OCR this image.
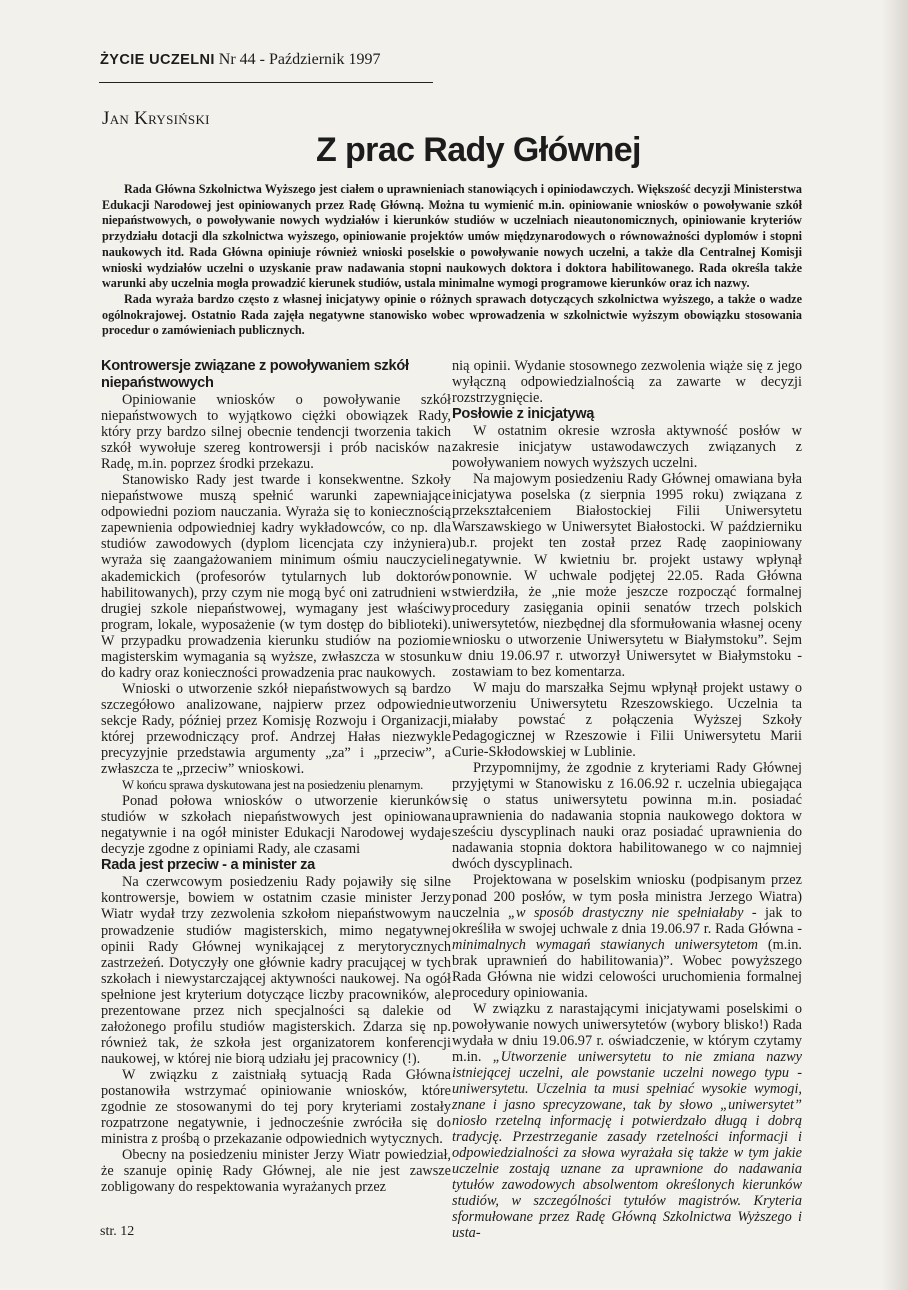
ŻYCIE UCZELNI Nr 44 - Październik 1997
Jan Krysiński
Z prac Rady Głównej

Rada Główna Szkolnictwa Wyższego jest ciałem o uprawnieniach stanowiących i opiniodawczych. Większość decyzji Ministerstwa Edukacji Narodowej jest opiniowanych przez Radę Główną. Można tu wymienić m.in. opiniowanie wniosków o powoływanie szkół niepaństwowych, o powoływanie nowych wydziałów i kierunków studiów w uczelniach nieautonomicznych, opiniowanie kryteriów przydziału dotacji dla szkolnictwa wyższego, opiniowanie projektów umów międzynarodowych o równoważności dyplomów i stopni naukowych itd. Rada Główna opiniuje również wnioski poselskie o powoływanie nowych uczelni, a także dla Centralnej Komisji wnioski wydziałów uczelni o uzyskanie praw nadawania stopni naukowych doktora i doktora habilitowanego. Rada określa także warunki aby uczelnia mogła prowadzić kierunek studiów, ustala minimalne wymogi programowe kierunków oraz ich nazwy.

Rada wyraża bardzo często z własnej inicjatywy opinie o różnych sprawach dotyczących szkolnictwa wyższego, a także o wadze ogólnokrajowej. Ostatnio Rada zajęła negatywne stanowisko wobec wprowadzenia w szkolnictwie wyższym obowiązku stosowania procedur o zamówieniach publicznych.

Kontrowersje związane z powoływaniem szkół niepaństwowych

Opiniowanie wniosków o powoływanie szkół niepaństwowych to wyjątkowo ciężki obowiązek Rady, który przy bardzo silnej obecnie tendencji tworzenia takich szkół wywołuje szereg kontrowersji i prób nacisków na Radę, m.in. poprzez środki przekazu.

Stanowisko Rady jest twarde i konsekwentne. Szkoły niepaństwowe muszą spełnić warunki zapewniające odpowiedni poziom nauczania. Wyraża się to koniecznością zapewnienia odpowiedniej kadry wykładowców, co np. dla studiów zawodowych (dyplom licencjata czy inżyniera) wyraża się zaangażowaniem minimum ośmiu nauczycieli akademickich (profesorów tytularnych lub doktorów habilitowanych), przy czym nie mogą być oni zatrudnieni w drugiej szkole niepaństwowej, wymagany jest właściwy program, lokale, wyposażenie (w tym dostęp do biblioteki). W przypadku prowadzenia kierunku studiów na poziomie magisterskim wymagania są wyższe, zwłaszcza w stosunku do kadry oraz konieczności prowadzenia prac naukowych.

Wnioski o utworzenie szkół niepaństwowych są bardzo szczegółowo analizowane, najpierw przez odpowiednie sekcje Rady, później przez Komisję Rozwoju i Organizacji, której przewodniczący prof. Andrzej Hałas niezwykle precyzyjnie przedstawia argumenty „za” i „przeciw”, a zwłaszcza te „przeciw” wnioskowi.

W końcu sprawa dyskutowana jest na posiedzeniu plenarnym.

Ponad połowa wniosków o utworzenie kierunków studiów w szkołach niepaństwowych jest opiniowana negatywnie i na ogół minister Edukacji Narodowej wydaje decyzje zgodne z opiniami Rady, ale czasami

Rada jest przeciw - a minister za

Na czerwcowym posiedzeniu Rady pojawiły się silne kontrowersje, bowiem w ostatnim czasie minister Jerzy Wiatr wydał trzy zezwolenia szkołom niepaństwowym na prowadzenie studiów magisterskich, mimo negatywnej opinii Rady Głównej wynikającej z merytorycznych zastrzeżeń. Dotyczyły one głównie kadry pracującej w tych szkołach i niewystarczającej aktywności naukowej. Na ogół spełnione jest kryterium dotyczące liczby pracowników, ale prezentowane przez nich specjalności są dalekie od założonego profilu studiów magisterskich. Zdarza się np. również tak, że szkoła jest organizatorem konferencji naukowej, w której nie biorą udziału jej pracownicy (!).

W związku z zaistniałą sytuacją Rada Główna postanowiła wstrzymać opiniowanie wniosków, które zgodnie ze stosowanymi do tej pory kryteriami zostały rozpatrzone negatywnie, i jednocześnie zwróciła się do ministra z prośbą o przekazanie odpowiednich wytycznych.

Obecny na posiedzeniu minister Jerzy Wiatr powiedział, że szanuje opinię Rady Głównej, ale nie jest zawsze zobligowany do respektowania wyrażanych przez

nią opinii. Wydanie stosownego zezwolenia wiąże się z jego wyłączną odpowiedzialnością za zawarte w decyzji rozstrzygnięcie.

Posłowie z inicjatywą

W ostatnim okresie wzrosła aktywność posłów w zakresie inicjatyw ustawodawczych związanych z powoływaniem nowych wyższych uczelni.

Na majowym posiedzeniu Rady Głównej omawiana była inicjatywa poselska (z sierpnia 1995 roku) związana z przekształceniem Białostockiej Filii Uniwersytetu Warszawskiego w Uniwersytet Białostocki. W październiku ub.r. projekt ten został przez Radę zaopiniowany negatywnie. W kwietniu br. projekt ustawy wpłynął ponownie. W uchwale podjętej 22.05. Rada Główna stwierdziła, że „nie może jeszcze rozpocząć formalnej procedury zasięgania opinii senatów trzech polskich uniwersytetów, niezbędnej dla sformułowania własnej oceny wniosku o utworzenie Uniwersytetu w Białymstoku”. Sejm w dniu 19.06.97 r. utworzył Uniwersytet w Białymstoku - zostawiam to bez komentarza.

W maju do marszałka Sejmu wpłynął projekt ustawy o utworzeniu Uniwersytetu Rzeszowskiego. Uczelnia ta miałaby powstać z połączenia Wyższej Szkoły Pedagogicznej w Rzeszowie i Filii Uniwersytetu Marii Curie-Skłodowskiej w Lublinie.

Przypomnijmy, że zgodnie z kryteriami Rady Głównej przyjętymi w Stanowisku z 16.06.92 r. uczelnia ubiegająca się o status uniwersytetu powinna m.in. posiadać uprawnienia do nadawania stopnia naukowego doktora w sześciu dyscyplinach nauki oraz posiadać uprawnienia do nadawania stopnia doktora habilitowanego w co najmniej dwóch dyscyplinach.

Projektowana w poselskim wniosku (podpisanym przez ponad 200 posłów, w tym posła ministra Jerzego Wiatra) uczelnia „w sposób drastyczny nie spełniałaby - jak to określiła w swojej uchwale z dnia 19.06.97 r. Rada Główna - minimalnych wymagań stawianych uniwersytetom (m.in. brak uprawnień do habilitowania)”. Wobec powyższego Rada Główna nie widzi celowości uruchomienia formalnej procedury opiniowania.

W związku z narastającymi inicjatywami poselskimi o powoływanie nowych uniwersytetów (wybory blisko!) Rada wydała w dniu 19.06.97 r. oświadczenie, w którym czytamy m.in. „Utworzenie uniwersytetu to nie zmiana nazwy istniejącej uczelni, ale powstanie uczelni nowego typu - uniwersytetu. Uczelnia ta musi spełniać wysokie wymogi, znane i jasno sprecyzowane, tak by słowo „uniwersytet” niosło rzetelną informację i potwierdzało długą i dobrą tradycję. Przestrzeganie zasady rzetelności informacji i odpowiedzialności za słowa wyrażała się także w tym jakie uczelnie zostają uznane za uprawnione do nadawania tytułów zawodowych absolwentom określonych kierunków studiów, w szczególności tytułów magistrów. Kryteria sformułowane przez Radę Główną Szkolnictwa Wyższego i usta-

str. 12
